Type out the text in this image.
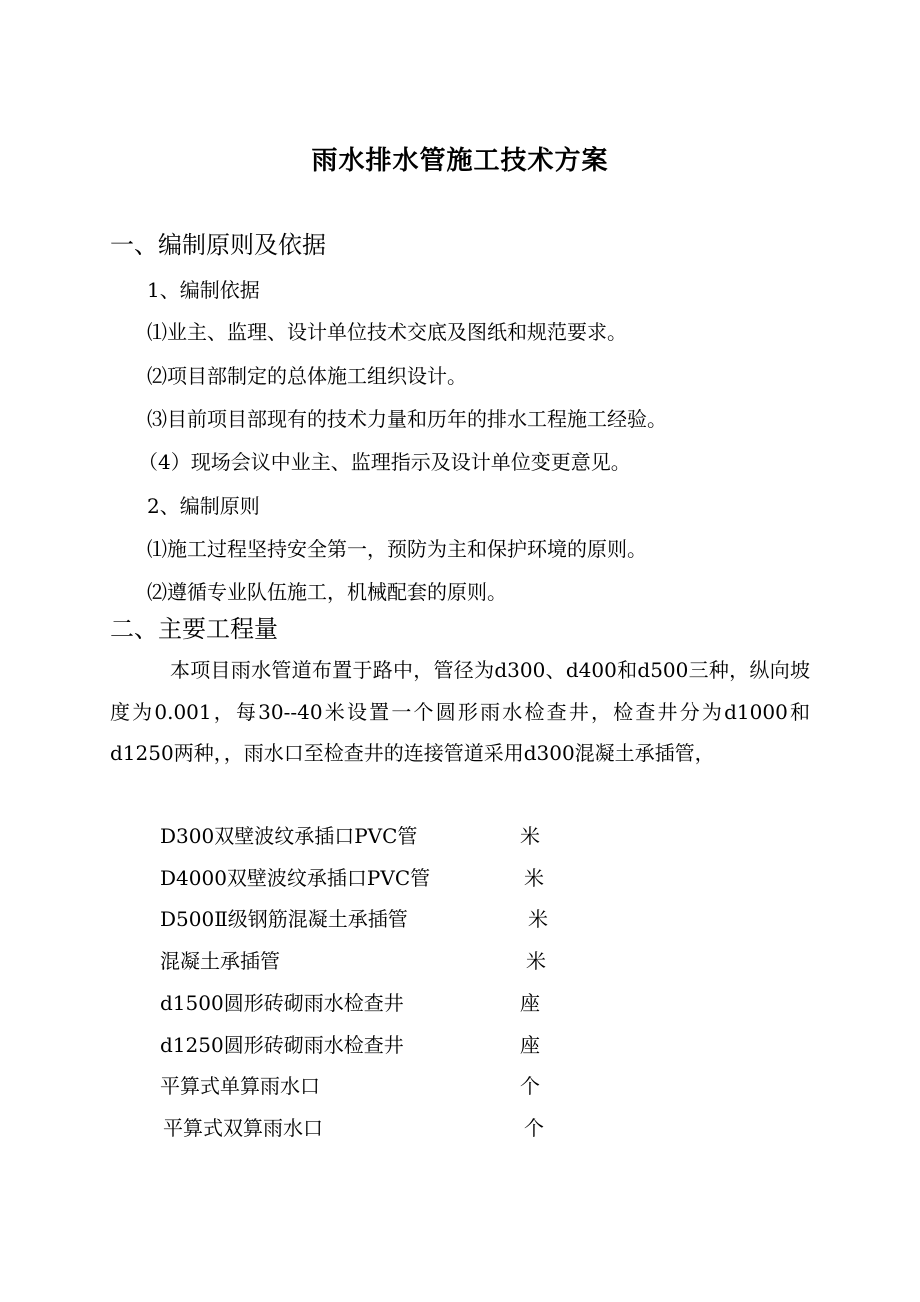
雨水排水管施工技术方案
一、编制原则及依据
1、编制依据
⑴业主、监理、设计单位技术交底及图纸和规范要求。
⑵项目部制定的总体施工组织设计。
⑶目前项目部现有的技术力量和历年的排水工程施工经验。
（4）现场会议中业主、监理指示及设计单位变更意见。
2、编制原则
⑴施工过程坚持安全第一，预防为主和保护环境的原则。
⑵遵循专业队伍施工，机械配套的原则。
二、主要工程量
本项目雨水管道布置于路中，管径为d300、d400和d500三种，纵向坡度为0.001，每30--40米设置一个圆形雨水检查井，检查井分为d1000和d1250两种，，雨水口至检查井的连接管道采用d300混凝土承插管，
D300双壁波纹承插口PVC管	米
D4000双壁波纹承插口PVC管	米
D500Ⅱ级钢筋混凝土承插管	米
混凝土承插管	米
d1500圆形砖砌雨水检查井	座
d1250圆形砖砌雨水检查井	座
平算式单算雨水口	个
平算式双算雨水口	个
